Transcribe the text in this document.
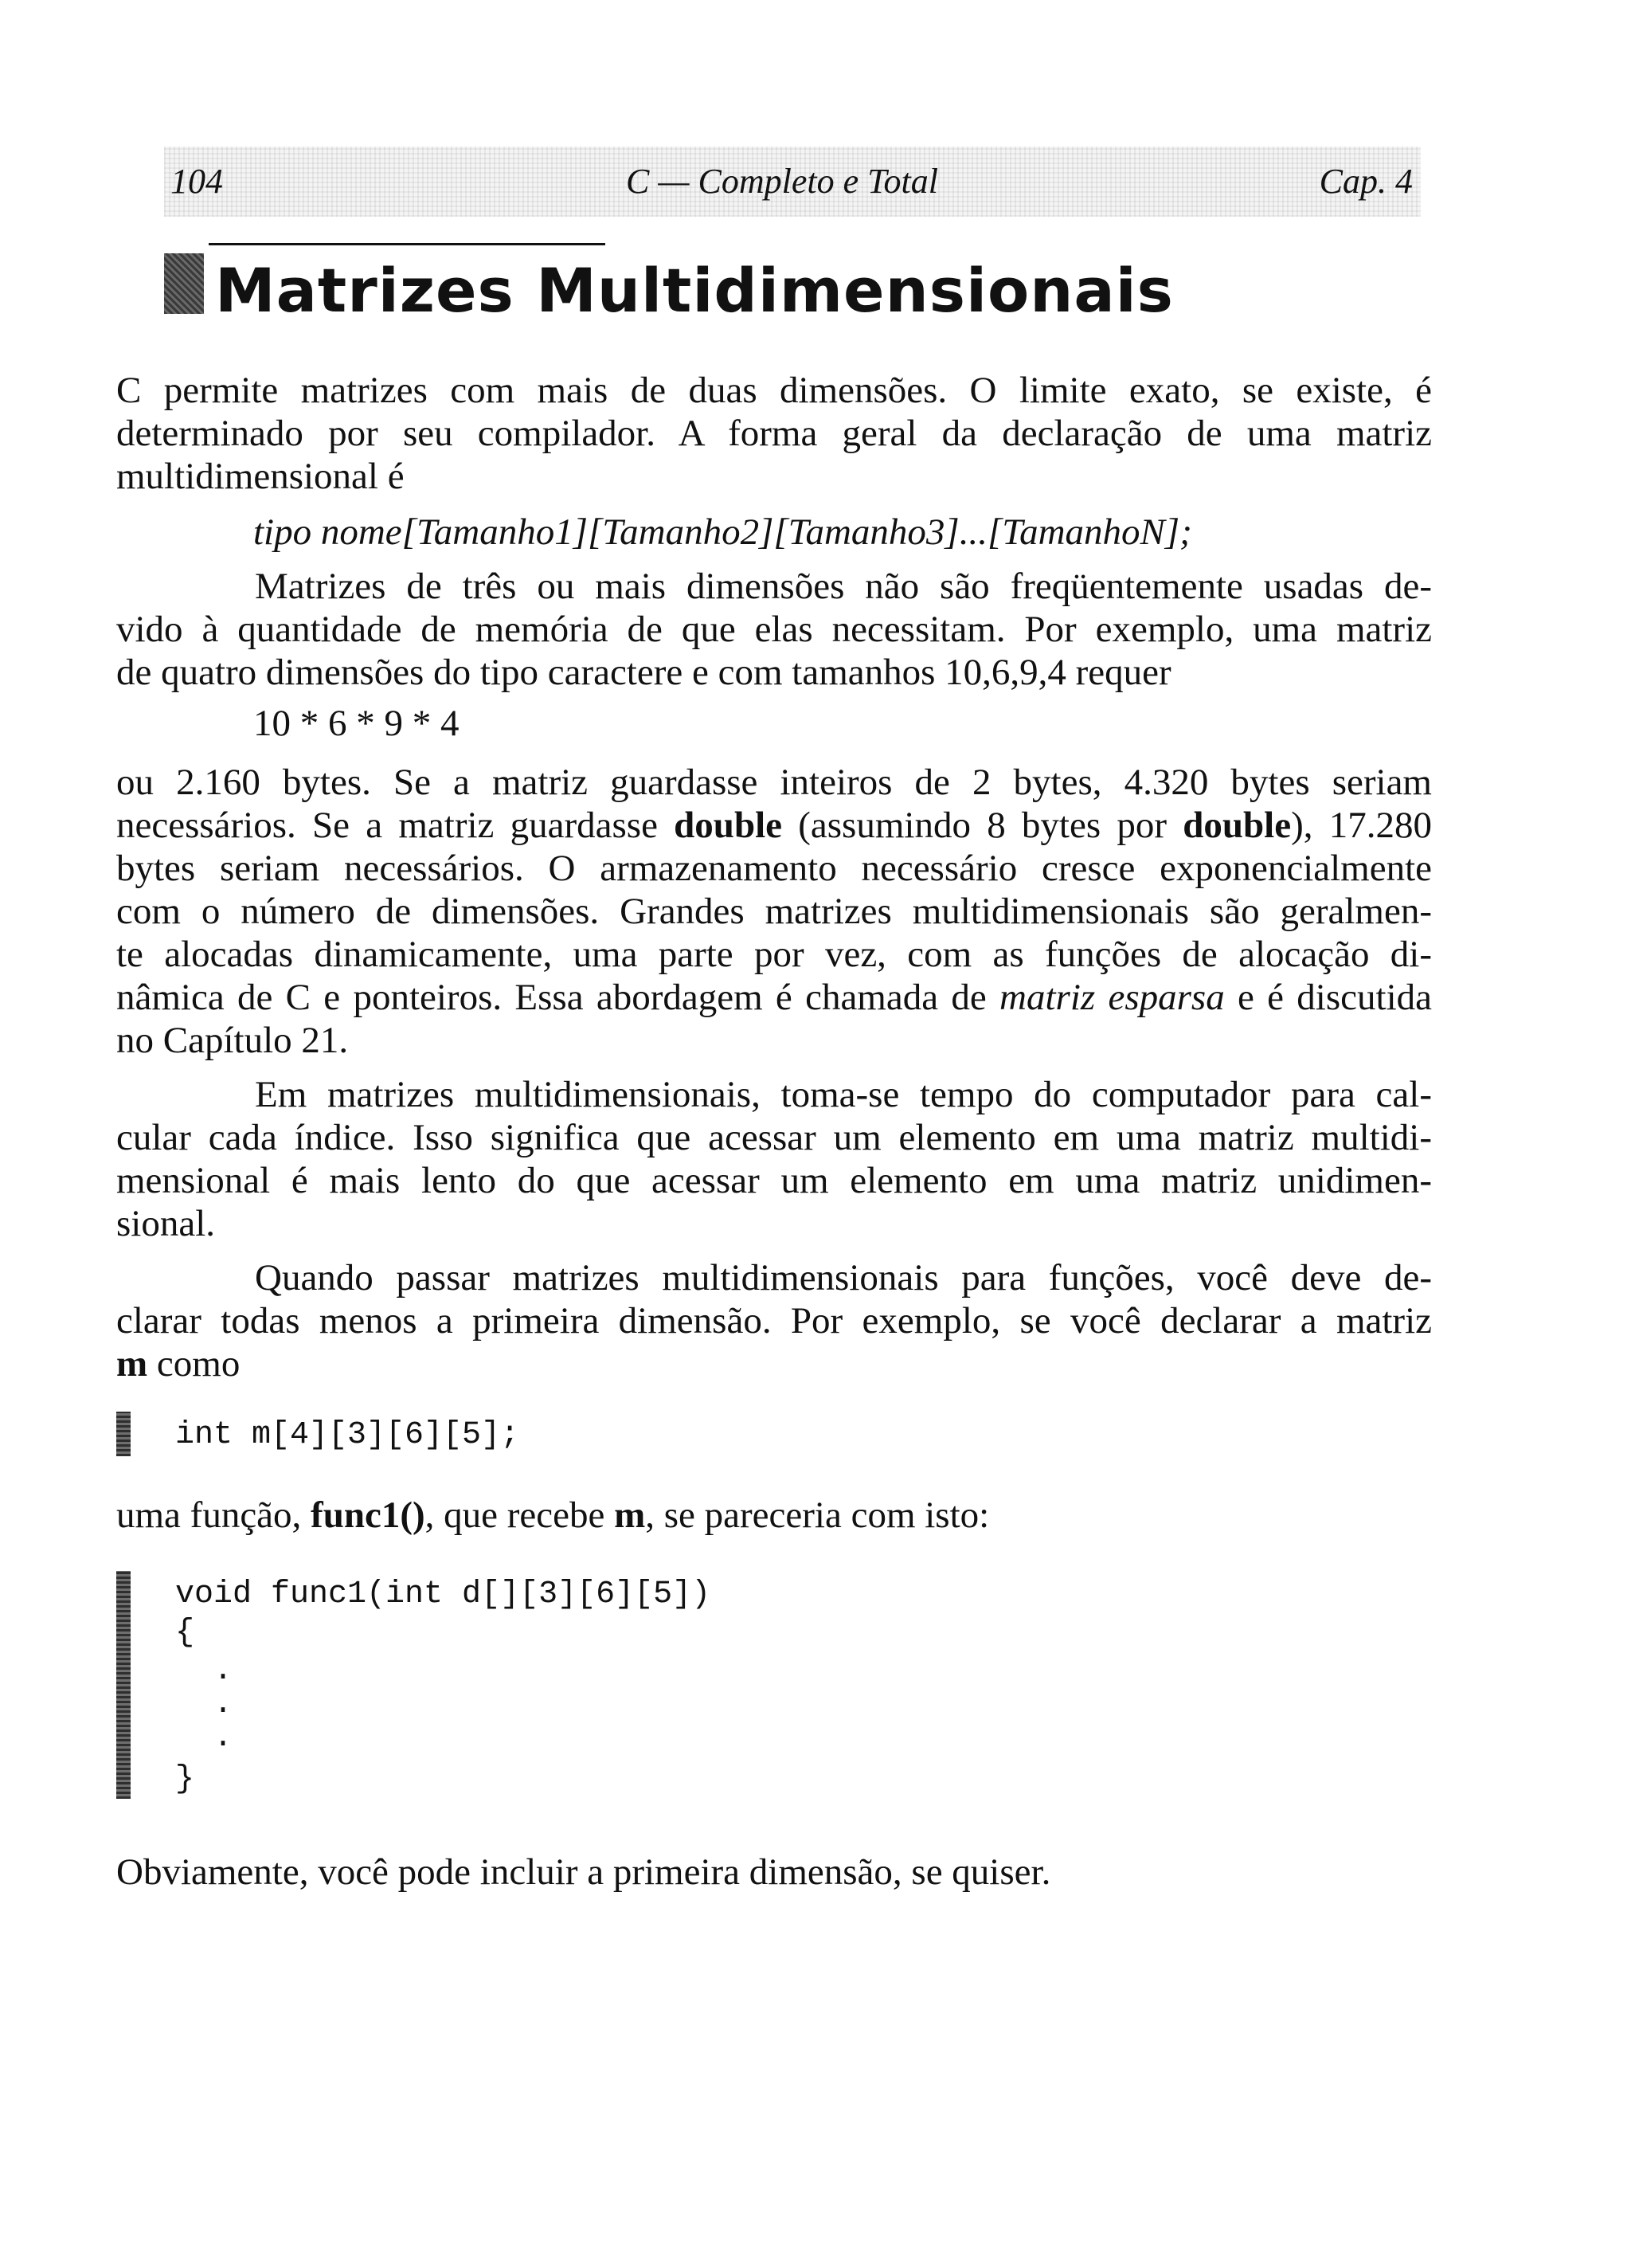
104	C — Completo e Total	Cap. 4
Matrizes Multidimensionais
C permite matrizes com mais de duas dimensões. O limite exato, se existe, é
determinado por seu compilador. A forma geral da declaração de uma matriz
multidimensional é
tipo nome[Tamanho1][Tamanho2][Tamanho3]...[TamanhoN];
Matrizes de três ou mais dimensões não são freqüentemente usadas de-
vido à quantidade de memória de que elas necessitam. Por exemplo, uma matriz
de quatro dimensões do tipo caractere e com tamanhos 10,6,9,4 requer
10 * 6 * 9 * 4
ou 2.160 bytes. Se a matriz guardasse inteiros de 2 bytes, 4.320 bytes seriam
necessários. Se a matriz guardasse double (assumindo 8 bytes por double), 17.280
bytes seriam necessários. O armazenamento necessário cresce exponencialmente
com o número de dimensões. Grandes matrizes multidimensionais são geralmen-
te alocadas dinamicamente, uma parte por vez, com as funções de alocação di-
nâmica de C e ponteiros. Essa abordagem é chamada de matriz esparsa e é discutida
no Capítulo 21.
Em matrizes multidimensionais, toma-se tempo do computador para cal-
cular cada índice. Isso significa que acessar um elemento em uma matriz multidi-
mensional é mais lento do que acessar um elemento em uma matriz unidimen-
sional.
Quando passar matrizes multidimensionais para funções, você deve de-
clarar todas menos a primeira dimensão. Por exemplo, se você declarar a matriz
m como
int m[4][3][6][5];
uma função, func1(), que recebe m, se pareceria com isto:
void func1(int d[][3][6][5])
{
.
.
.
}
Obviamente, você pode incluir a primeira dimensão, se quiser.
